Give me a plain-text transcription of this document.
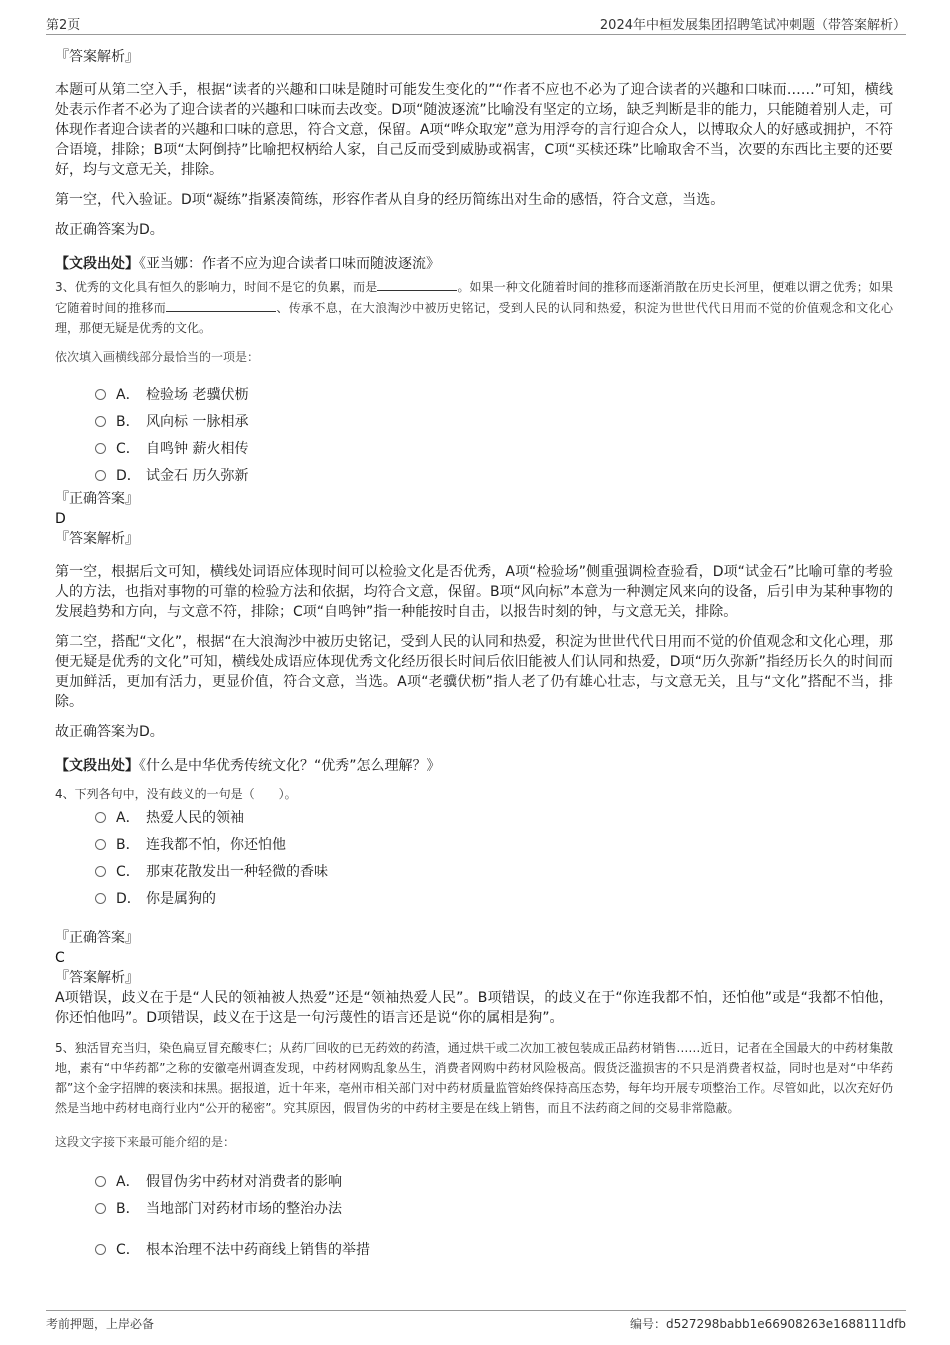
第2页	2024年中桓发展集团招聘笔试冲刺题（带答案解析）
『答案解析』

本题可从第二空入手，根据“读者的兴趣和口味是随时可能发生变化的”“作者不应也不必为了迎合读者的兴趣和口味而……”可知，横线处表示作者不必为了迎合读者的兴趣和口味而去改变。D项“随波逐流”比喻没有坚定的立场，缺乏判断是非的能力，只能随着别人走，可体现作者迎合读者的兴趣和口味的意思，符合文意，保留。A项“哗众取宠”意为用浮夸的言行迎合众人，以博取众人的好感或拥护，不符合语境，排除；B项“太阿倒持”比喻把权柄给人家，自己反而受到威胁或祸害，C项“买椟还珠”比喻取舍不当，次要的东西比主要的还要好，均与文意无关，排除。

第一空，代入验证。D项“凝练”指紧凑简练，形容作者从自身的经历简练出对生命的感悟，符合文意，当选。

故正确答案为D。

【文段出处】《亚当娜：作者不应为迎合读者口味而随波逐流》

3、优秀的文化具有恒久的影响力，时间不是它的负累，而是	。如果一种文化随着时间的推移而逐渐消散在历史长河里，便难以谓之优秀；如果它随着时间的推移而	、传承不息，在大浪淘沙中被历史铭记，受到人民的认同和热爱，积淀为世世代代日用而不觉的价值观念和文化心理，那便无疑是优秀的文化。

依次填入画横线部分最恰当的一项是：
A． 检验场 老骥伏枥
B． 风向标 一脉相承
C． 自鸣钟 薪火相传
D． 试金石 历久弥新
『正确答案』
D
『答案解析』

第一空，根据后文可知，横线处词语应体现时间可以检验文化是否优秀，A项“检验场”侧重强调检查验看，D项“试金石”比喻可靠的考验人的方法，也指对事物的可靠的检验方法和依据，均符合文意，保留。B项“风向标”本意为一种测定风来向的设备，后引申为某种事物的发展趋势和方向，与文意不符，排除；C项“自鸣钟”指一种能按时自击，以报告时刻的钟，与文意无关，排除。

第二空，搭配“文化”，根据“在大浪淘沙中被历史铭记，受到人民的认同和热爱，积淀为世世代代日用而不觉的价值观念和文化心理，那便无疑是优秀的文化”可知，横线处成语应体现优秀文化经历很长时间后依旧能被人们认同和热爱，D项“历久弥新”指经历长久的时间而更加鲜活，更加有活力，更显价值，符合文意，当选。A项“老骥伏枥”指人老了仍有雄心壮志，与文意无关，且与“文化”搭配不当，排除。

故正确答案为D。

【文段出处】《什么是中华优秀传统文化？“优秀”怎么理解？》
4、下列各句中，没有歧义的一句是（　　）。
A． 热爱人民的领袖
B． 连我都不怕，你还怕他
C． 那束花散发出一种轻微的香味
D． 你是属狗的
『正确答案』
C
『答案解析』

A项错误，歧义在于是“人民的领袖被人热爱”还是“领袖热爱人民”。B项错误，的歧义在于“你连我都不怕，还怕他”或是“我都不怕他，你还怕他吗”。D项错误，歧义在于这是一句污蔑性的语言还是说“你的属相是狗”。

5、独活冒充当归，染色扁豆冒充酸枣仁；从药厂回收的已无药效的药渣，通过烘干或二次加工被包装成正品药材销售……近日，记者在全国最大的中药材集散地，素有“中华药都”之称的安徽亳州调查发现，中药材网购乱象丛生，消费者网购中药材风险极高。假货泛滥损害的不只是消费者权益，同时也是对“中华药都”这个金字招牌的亵渎和抹黑。据报道，近十年来，亳州市相关部门对中药材质量监管始终保持高压态势，每年均开展专项整治工作。尽管如此，以次充好仍然是当地中药材电商行业内“公开的秘密”。究其原因，假冒伪劣的中药材主要是在线上销售，而且不法药商之间的交易非常隐蔽。

这段文字接下来最可能介绍的是：
A． 假冒伪劣中药材对消费者的影响
B． 当地部门对药材市场的整治办法
C． 根本治理不法中药商线上销售的举措
考前押题，上岸必备	编号：d527298babb1e66908263e1688111dfb
